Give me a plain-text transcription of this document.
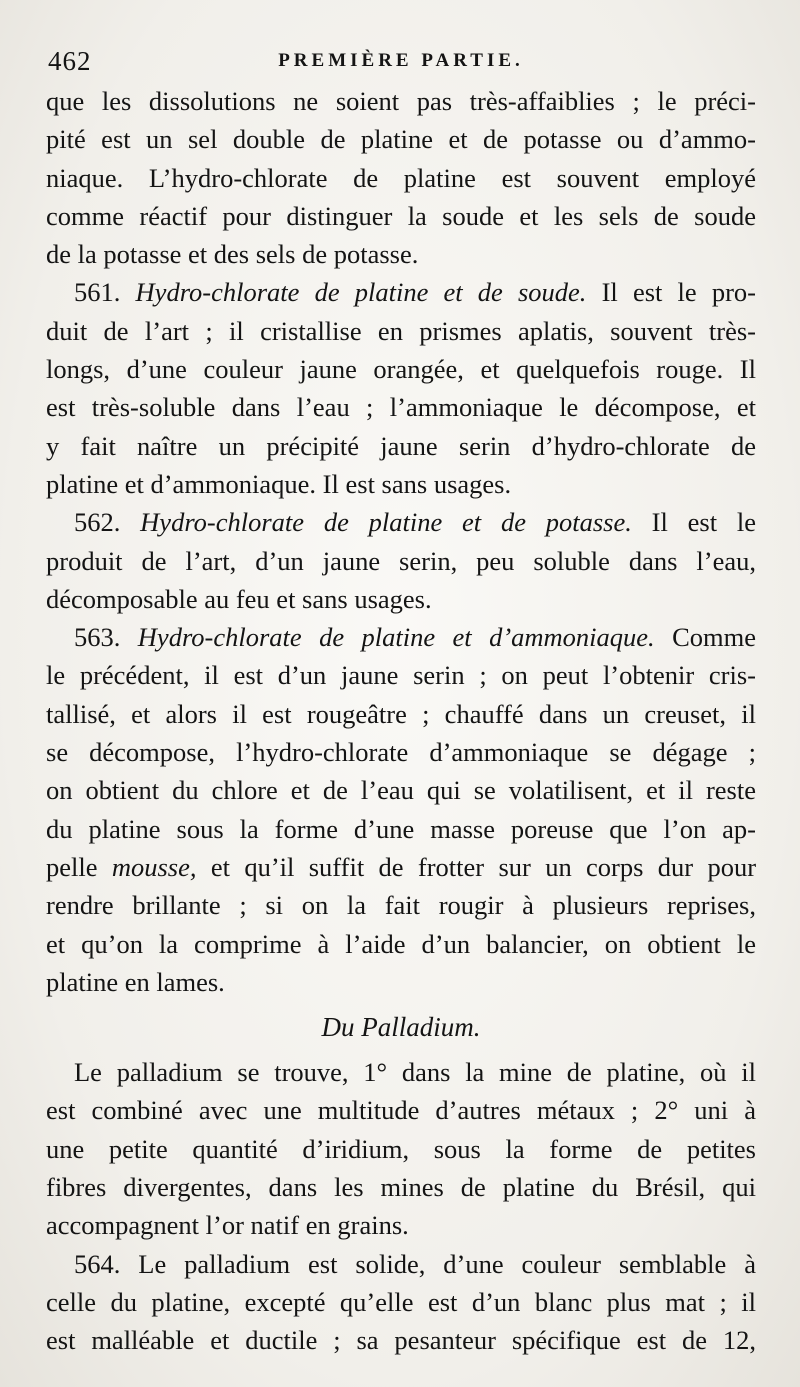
462	PREMIÈRE PARTIE.
que les dissolutions ne soient pas très-affaiblies ; le préci-
pité est un sel double de platine et de potasse ou d’ammo-
niaque. L’hydro-chlorate de platine est souvent employé
comme réactif pour distinguer la soude et les sels de soude
de la potasse et des sels de potasse.
561. Hydro-chlorate de platine et de soude. Il est le pro-
duit de l’art ; il cristallise en prismes aplatis, souvent très-
longs, d’une couleur jaune orangée, et quelquefois rouge. Il
est très-soluble dans l’eau ; l’ammoniaque le décompose, et
y fait naître un précipité jaune serin d’hydro-chlorate de
platine et d’ammoniaque. Il est sans usages.
562. Hydro-chlorate de platine et de potasse. Il est le
produit de l’art, d’un jaune serin, peu soluble dans l’eau,
décomposable au feu et sans usages.
563. Hydro-chlorate de platine et d’ammoniaque. Comme
le précédent, il est d’un jaune serin ; on peut l’obtenir cris-
tallisé, et alors il est rougeâtre ; chauffé dans un creuset, il
se décompose, l’hydro-chlorate d’ammoniaque se dégage ;
on obtient du chlore et de l’eau qui se volatilisent, et il reste
du platine sous la forme d’une masse poreuse que l’on ap-
pelle mousse, et qu’il suffit de frotter sur un corps dur pour
rendre brillante ; si on la fait rougir à plusieurs reprises,
et qu’on la comprime à l’aide d’un balancier, on obtient le
platine en lames.
Du Palladium.
Le palladium se trouve, 1° dans la mine de platine, où il
est combiné avec une multitude d’autres métaux ; 2° uni à
une petite quantité d’iridium, sous la forme de petites
fibres divergentes, dans les mines de platine du Brésil, qui
accompagnent l’or natif en grains.
564. Le palladium est solide, d’une couleur semblable à
celle du platine, excepté qu’elle est d’un blanc plus mat ; il
est malléable et ductile ; sa pesanteur spécifique est de 12,
